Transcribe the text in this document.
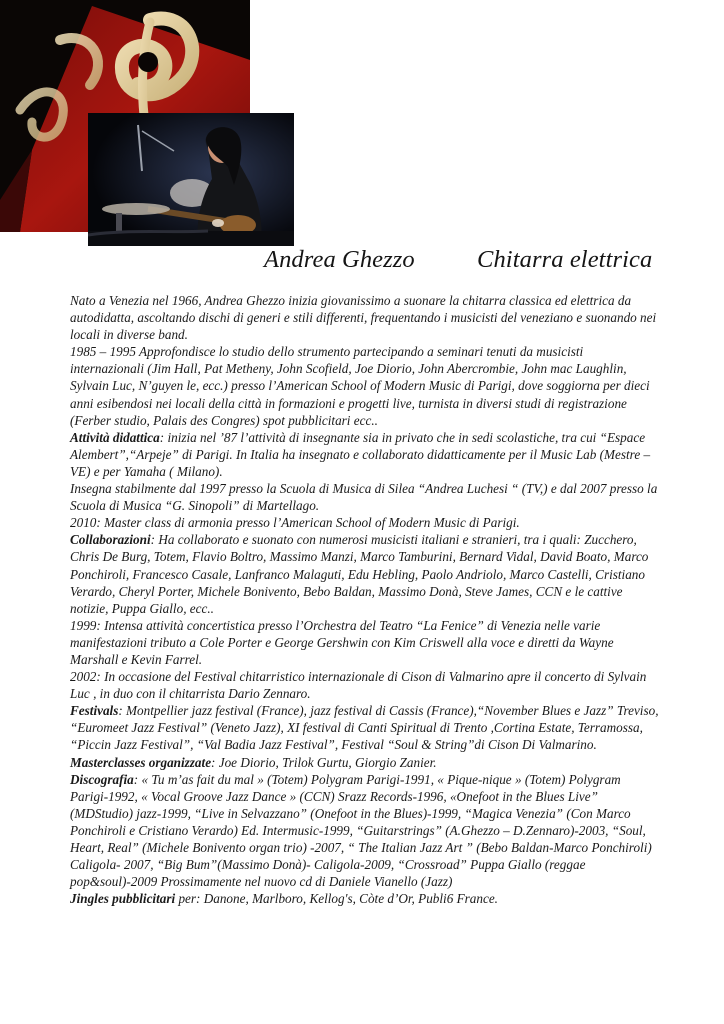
Andrea Ghezzo	Chitarra elettrica

Nato a Venezia nel 1966, Andrea Ghezzo inizia giovanissimo a suonare la chitarra classica ed elettrica da autodidatta, ascoltando dischi di generi e stili differenti, frequentando i musicisti del veneziano e suonando nei locali in diverse band.

1985 – 1995 Approfondisce lo studio dello strumento partecipando a seminari tenuti da musicisti internazionali (Jim Hall, Pat Metheny, John Scofield, Joe Diorio, John Abercrombie, John mac Laughlin, Sylvain Luc, N’guyen le, ecc.) presso l’American School of Modern Music di Parigi, dove soggiorna per dieci anni esibendosi nei locali della città in formazioni e progetti live, turnista in diversi studi di registrazione (Ferber studio, Palais des Congres) spot pubblicitari ecc..

Attività didattica: inizia nel ’87 l’attività di insegnante sia in privato che in sedi scolastiche, tra cui “Espace Alembert”,“Arpeje” di Parigi. In Italia ha insegnato e collaborato didatticamente per il Music Lab (Mestre –VE) e per Yamaha ( Milano).

Insegna stabilmente dal 1997 presso la Scuola di Musica di Silea “Andrea Luchesi “ (TV,) e dal 2007 presso la Scuola di Musica “G. Sinopoli” di Martellago.

2010: Master class di armonia presso l’American School of Modern Music di Parigi.

Collaborazioni: Ha collaborato e suonato con numerosi musicisti italiani e stranieri, tra i quali: Zucchero, Chris De Burg, Totem, Flavio Boltro, Massimo Manzi, Marco Tamburini, Bernard Vidal, David Boato, Marco Ponchiroli, Francesco Casale, Lanfranco Malaguti, Edu Hebling, Paolo Andriolo, Marco Castelli, Cristiano Verardo, Cheryl Porter, Michele Bonivento, Bebo Baldan, Massimo Donà, Steve James, CCN e le cattive notizie, Puppa Giallo, ecc..

1999: Intensa attività concertistica presso l’Orchestra del Teatro “La Fenice” di Venezia nelle varie manifestazioni tributo a Cole Porter e George Gershwin con Kim Criswell alla voce e diretti da Wayne Marshall e Kevin Farrel.

2002: In occasione del Festival chitarristico internazionale di Cison di Valmarino apre il concerto di Sylvain Luc , in duo con il chitarrista Dario Zennaro.

Festivals: Montpellier jazz festival (France), jazz festival di Cassis (France),“November Blues e Jazz” Treviso, “Euromeet Jazz Festival” (Veneto Jazz), XI festival di Canti Spiritual di Trento ,Cortina Estate, Terramossa, “Piccin Jazz Festival”, “Val Badia Jazz Festival”, Festival “Soul & String”di Cison Di Valmarino.

Masterclasses organizzate: Joe Diorio, Trilok Gurtu, Giorgio Zanier.

Discografia: « Tu m’as fait du mal » (Totem) Polygram Parigi-1991, « Pique-nique » (Totem) Polygram Parigi-1992, « Vocal Groove Jazz Dance » (CCN) Srazz Records-1996, «Onefoot in the Blues Live” (MDStudio) jazz-1999, “Live in Selvazzano” (Onefoot in the Blues)-1999, “Magica Venezia” (Con Marco Ponchiroli e Cristiano Verardo) Ed. Intermusic-1999, “Guitarstrings” (A.Ghezzo – D.Zennaro)-2003, “Soul, Heart, Real” (Michele Bonivento organ trio) -2007, “ The Italian Jazz Art ” (Bebo Baldan-Marco Ponchiroli) Caligola- 2007, “Big Bum”(Massimo Donà)- Caligola-2009, “Crossroad” Puppa Giallo (reggae pop&soul)-2009 Prossimamente nel nuovo cd di Daniele Vianello (Jazz)

Jingles pubblicitari per: Danone, Marlboro, Kellog's, Còte d’Or, Publi6 France.
